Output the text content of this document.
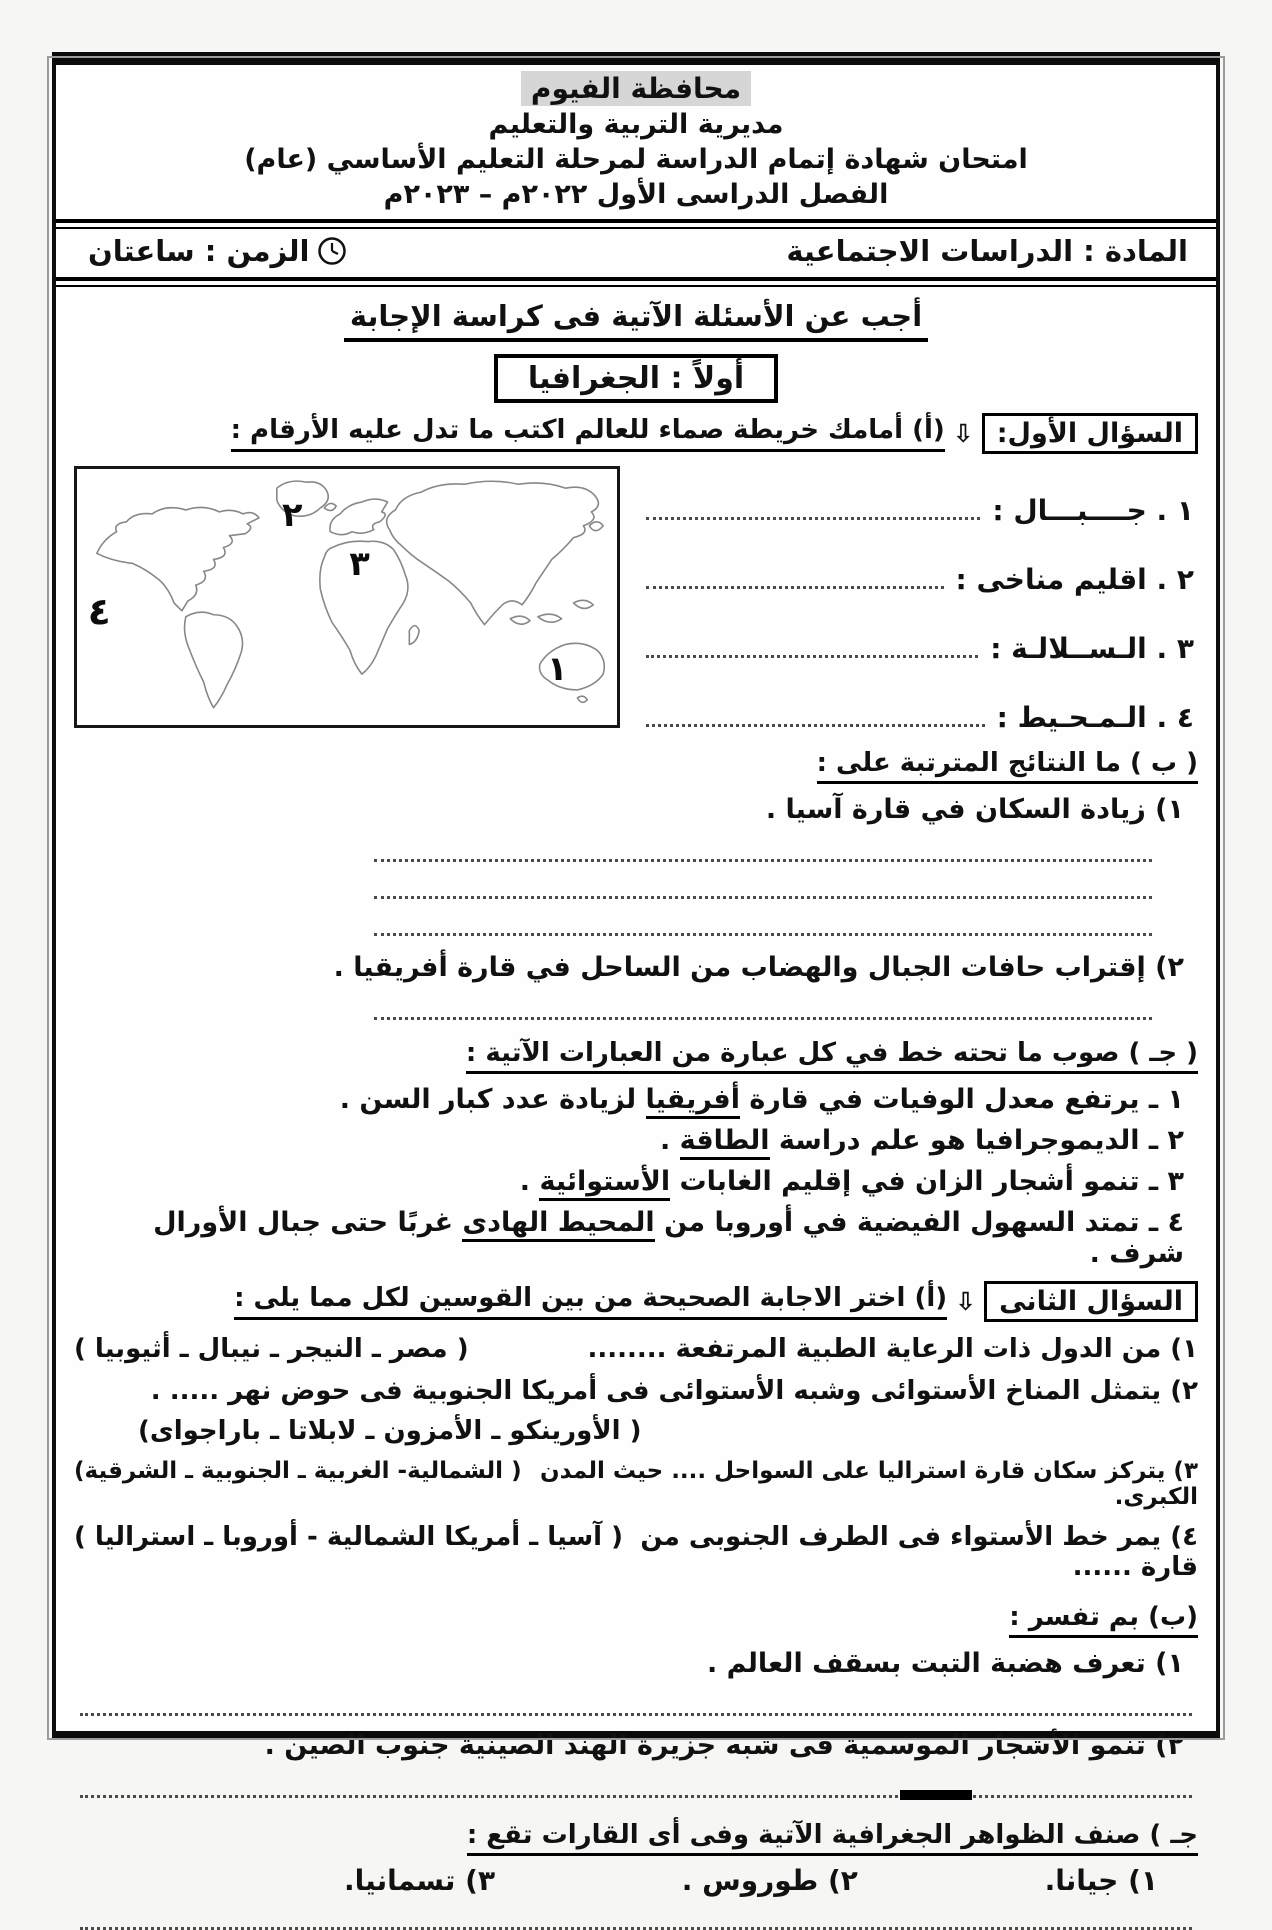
محافظة الفيوم
مديرية التربية والتعليم
امتحان شهادة إتمام الدراسة لمرحلة التعليم الأساسي (عام)
الفصل الدراسى الأول ٢٠٢٢م – ٢٠٢٣م
المادة : الدراسات الاجتماعية
الزمن : ساعتان
أجب عن الأسئلة الآتية فى كراسة الإجابة
أولاً : الجغرافيا
السؤال الأول:
⇩
(أ) أمامك خريطة صماء للعالم اكتب ما تدل عليه الأرقام :
١ . جــــبـــال :
٢ . اقليم مناخى :
٣ . الـســلالـة :
٤ . الـمـحـيط :
٢
٣
٤
١
( ب ) ما النتائج المترتبة على :
١) زيادة السكان في قارة آسيا .
٢) إقتراب حافات الجبال والهضاب من الساحل في قارة أفريقيا .
( جـ ) صوب ما تحته خط في كل عبارة من العبارات الآتية :
١ ـ يرتفع معدل الوفيات في قارة أفريقيا لزيادة عدد كبار السن .
٢ ـ الديموجرافيا هو علم دراسة الطاقة .
٣ ـ تنمو أشجار الزان في إقليم الغابات الأستوائية .
٤ ـ تمتد السهول الفيضية في أوروبا من المحيط الهادى غربًا حتى جبال الأورال شرف .
السؤال الثانى
⇩
(أ) اختر الاجابة الصحيحة من بين القوسين لكل مما يلى :
١) من الدول ذات الرعاية الطبية المرتفعة ........
( مصر ـ النيجر ـ نيبال ـ أثيوبيا )
٢) يتمثل المناخ الأستوائى وشبه الأستوائى فى أمريكا الجنوبية فى حوض نهر ..... .
( الأورينكو ـ الأمزون ـ لابلاتا ـ باراجواى)
٣) يتركز سكان قارة استراليا على السواحل .... حيث المدن الكبرى.
( الشمالية- الغربية ـ الجنوبية ـ الشرقية)
٤) يمر خط الأستواء فى الطرف الجنوبى من قارة ......
( آسيا ـ أمريكا الشمالية - أوروبا ـ استراليا )
(ب) بم تفسر :
١) تعرف هضبة التبت بسقف العالم .
٢) تنمو الأشجار الموسمية فى شبه جزيرة الهند الصينية جنوب الصين .
جـ ) صنف الظواهر الجغرافية الآتية وفى أى القارات تقع :
١) جيانا.
٢) طوروس .
٣) تسمانيا.
